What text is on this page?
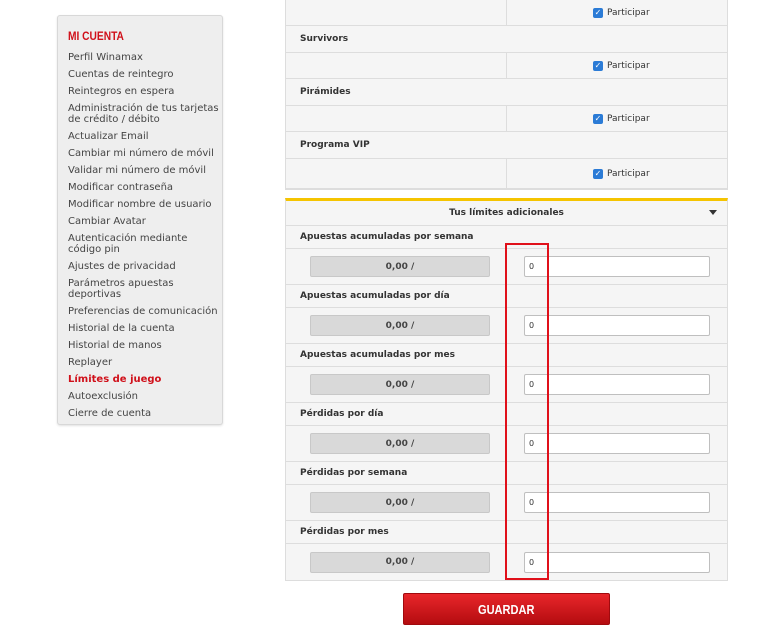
MI CUENTA
Perfil Winamax
Cuentas de reintegro
Reintegros en espera
Administración de tus tarjetas de crédito / débito
Actualizar Email
Cambiar mi número de móvil
Validar mi número de móvil
Modificar contraseña
Modificar nombre de usuario
Cambiar Avatar
Autenticación mediante código pin
Ajustes de privacidad
Parámetros apuestas deportivas
Preferencias de comunicación
Historial de la cuenta
Historial de manos
Replayer
Límites de juego
Autoexclusión
Cierre de cuenta
✓ Participar
Survivors
✓ Participar
Pirámides
✓ Participar
Programa VIP
✓ Participar
Tus límites adicionales
Apuestas acumuladas por semana
0,00 /
0
Apuestas acumuladas por día
0,00 /
0
Apuestas acumuladas por mes
0,00 /
0
Pérdidas por día
0,00 /
0
Pérdidas por semana
0,00 /
0
Pérdidas por mes
0,00 /
0
GUARDAR
